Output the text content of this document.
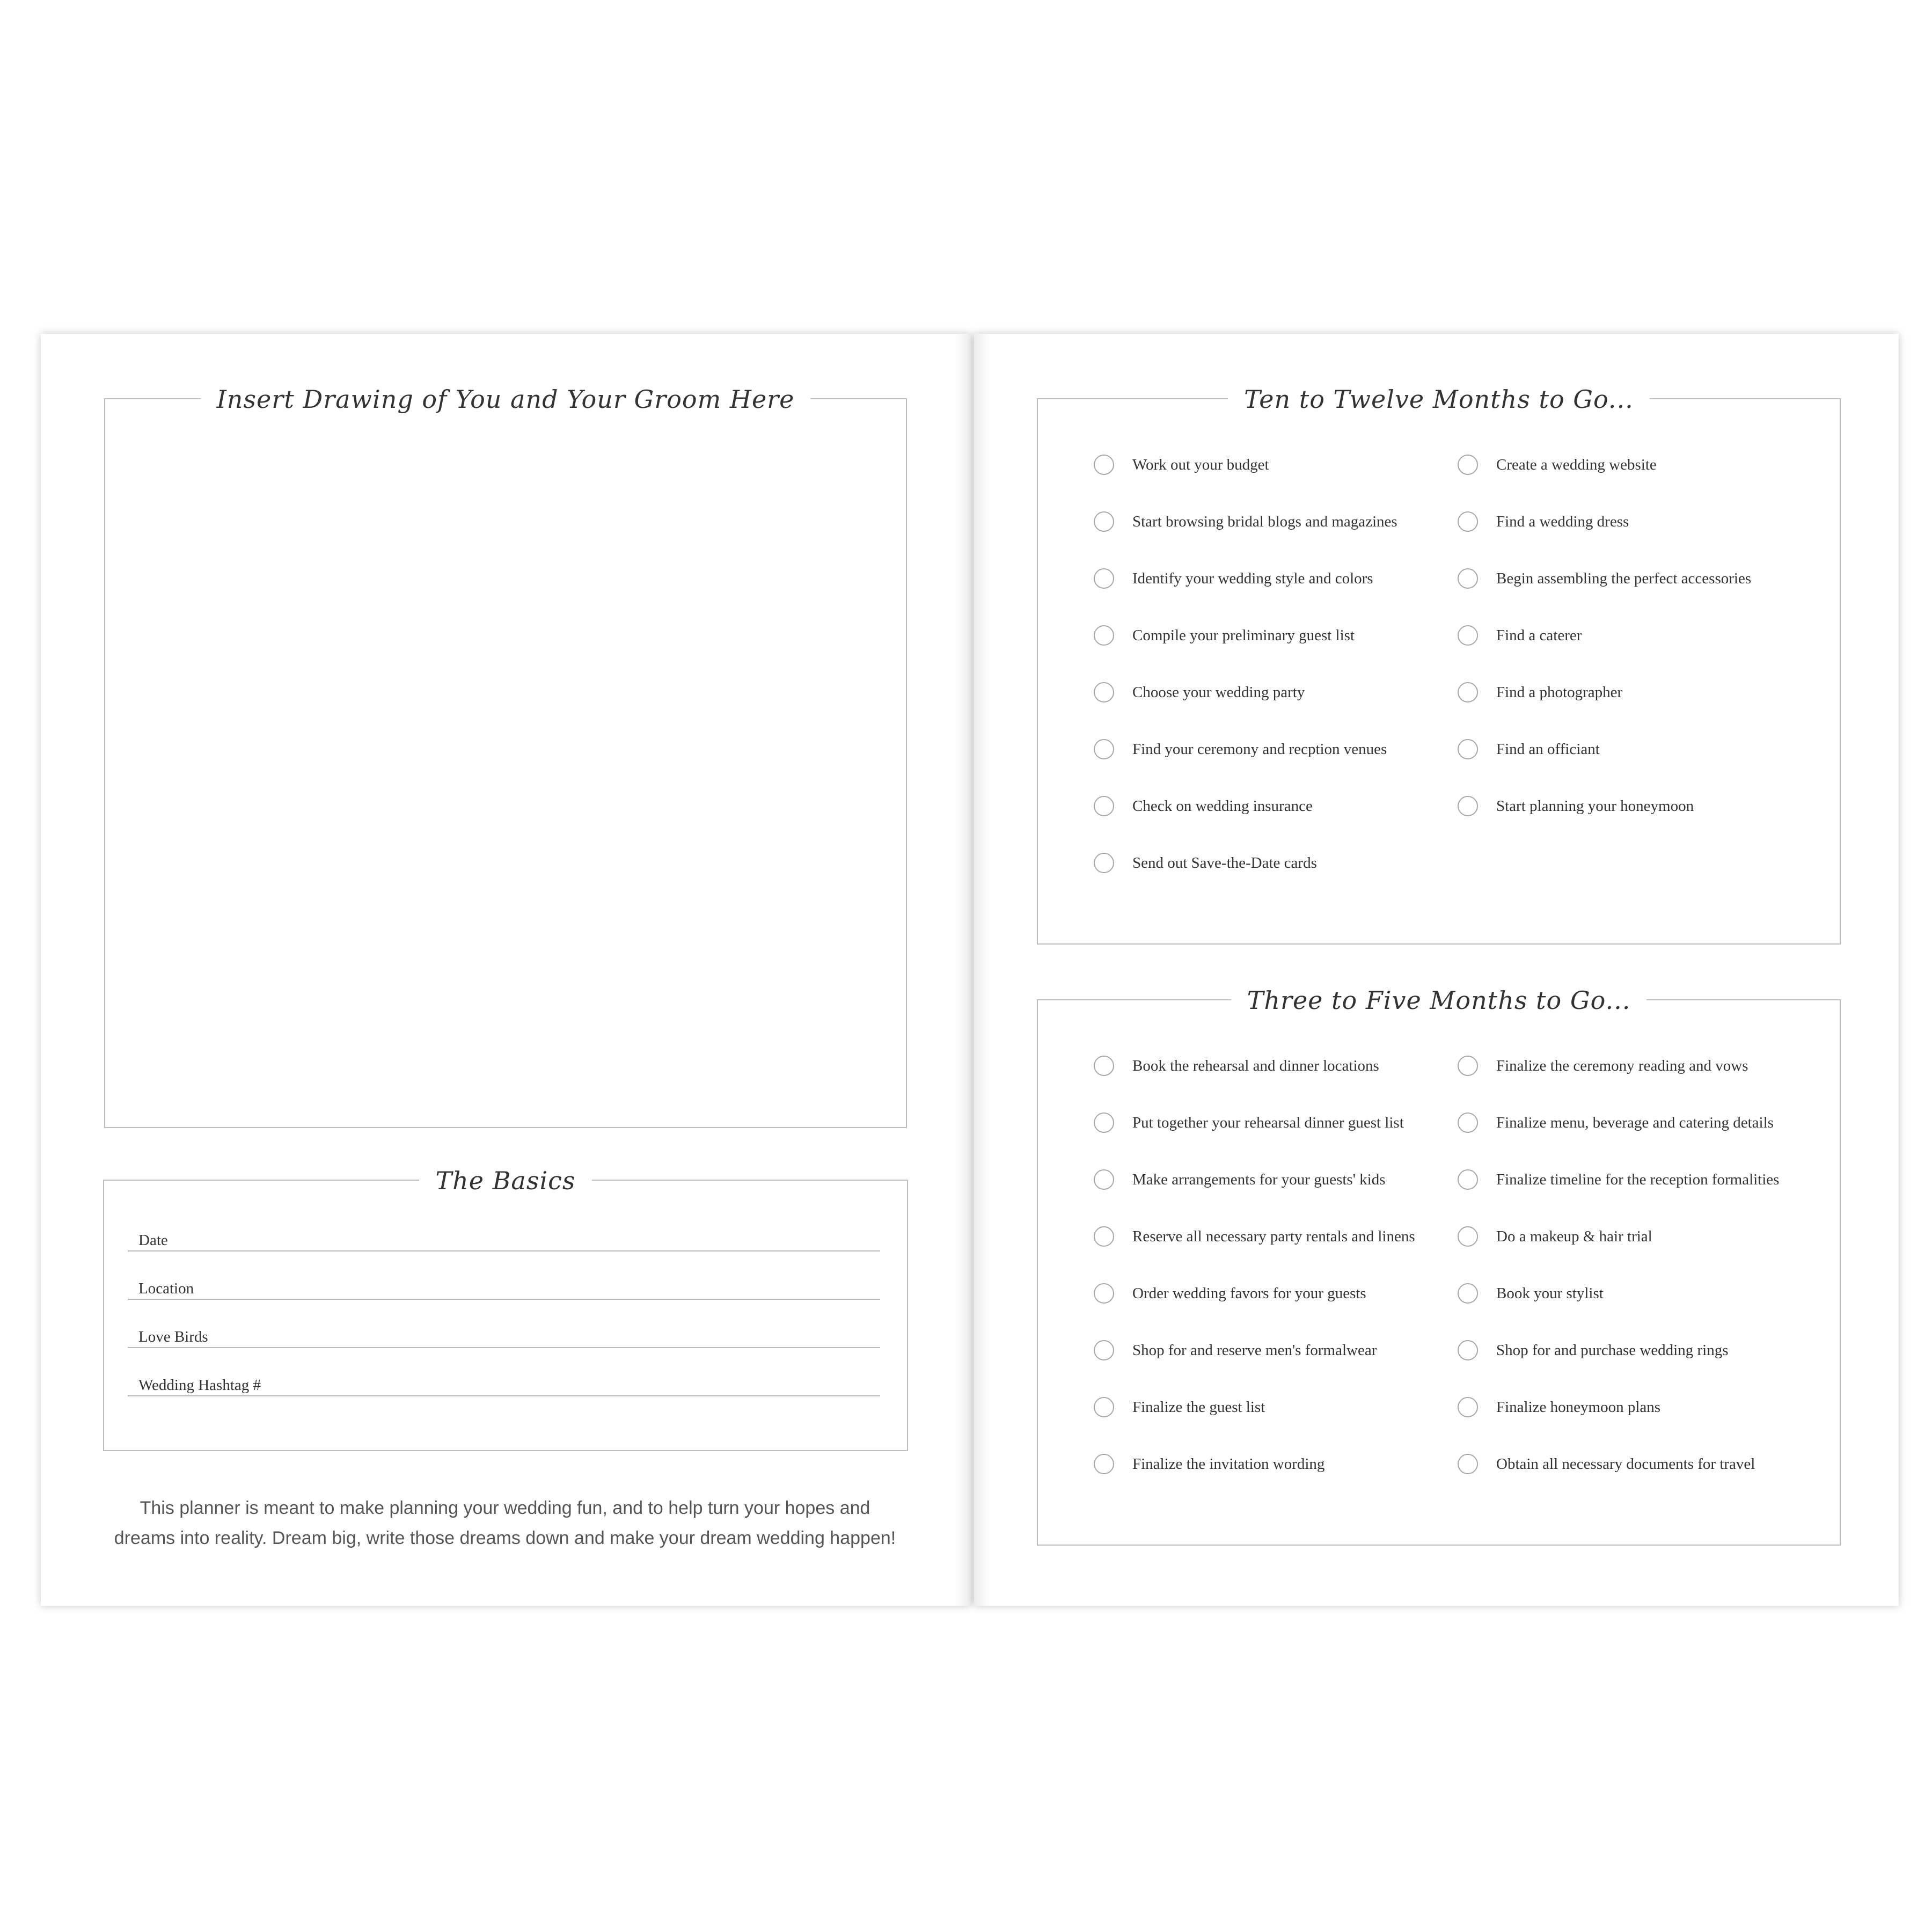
Insert Drawing of You and Your Groom Here
The Basics
Date
Location
Love Birds
Wedding Hashtag #
This planner is meant to make planning your wedding fun, and to help turn your hopes and
dreams into reality. Dream big, write those dreams down and make your dream wedding happen!
Ten to Twelve Months to Go...
Work out your budget
Start browsing bridal blogs and magazines
Identify your wedding style and colors
Compile your preliminary guest list
Choose your wedding party
Find your ceremony and recption venues
Check on wedding insurance
Send out Save-the-Date cards
Create a wedding website
Find a wedding dress
Begin assembling the perfect accessories
Find a caterer
Find a photographer
Find an officiant
Start planning your honeymoon
Three to Five Months to Go...
Book the rehearsal and dinner locations
Put together your rehearsal dinner guest list
Make arrangements for your guests' kids
Reserve all necessary party rentals and linens
Order wedding favors for your guests
Shop for and reserve men's formalwear
Finalize the guest list
Finalize the invitation wording
Finalize the ceremony reading and vows
Finalize menu, beverage and catering details
Finalize timeline for the reception formalities
Do a makeup & hair trial
Book your stylist
Shop for and purchase wedding rings
Finalize honeymoon plans
Obtain all necessary documents for travel
